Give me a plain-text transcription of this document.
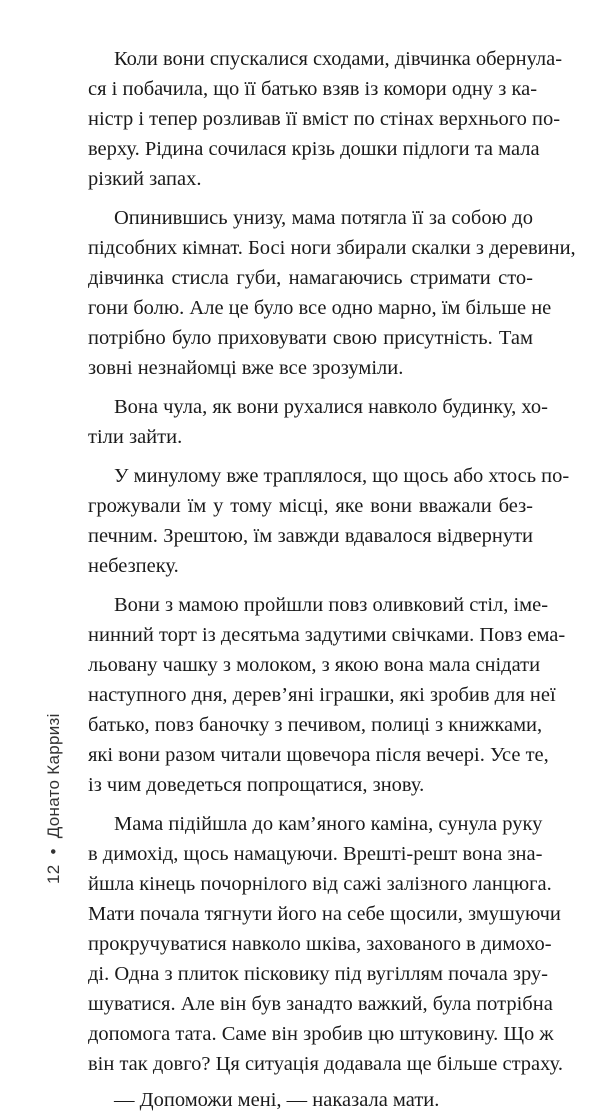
Коли вони спускалися сходами, дівчинка обернула-
ся і побачила, що її батько взяв із комори одну з ка-
ністр і тепер розливав її вміст по стінах верхнього по-
верху. Рідина сочилася крізь дошки підлоги та мала
різкий запах.

Опинившись унизу, мама потягла її за собою до
підсобних кімнат. Босі ноги збирали скалки з деревини,
дівчинка стисла губи, намагаючись стримати сто-
гони болю. Але це було все одно марно, їм більше не
потрібно було приховувати свою присутність. Там
зовні незнайомці вже все зрозуміли.

Вона чула, як вони рухалися навколо будинку, хо-
тіли зайти.

У минулому вже траплялося, що щось або хтось по-
грожували їм у тому місці, яке вони вважали без-
печним. Зрештою, їм завжди вдавалося відвернути
небезпеку.

Вони з мамою пройшли повз оливковий стіл, іме-
нинний торт із десятьма задутими свічками. Повз ема-
льовану чашку з молоком, з якою вона мала снідати
наступного дня, дерев’яні іграшки, які зробив для неї
батько, повз баночку з печивом, полиці з книжками,
які вони разом читали щовечора після вечері. Усе те,
із чим доведеться попрощатися, знову.

Мама підійшла до кам’яного каміна, сунула руку
в димохід, щось намацуючи. Врешті-решт вона зна-
йшла кінець почорнілого від сажі залізного ланцюга.
Мати почала тягнути його на себе щосили, змушуючи
прокручуватися навколо шківа, захованого в димохо-
ді. Одна з плиток пісковику під вугіллям почала зру-
шуватися. Але він був занадто важкий, була потрібна
допомога тата. Саме він зробив цю штуковину. Що ж
він так довго? Ця ситуація додавала ще більше страху.

— Допоможи мені, — наказала мати.

12•Донато Карризі
